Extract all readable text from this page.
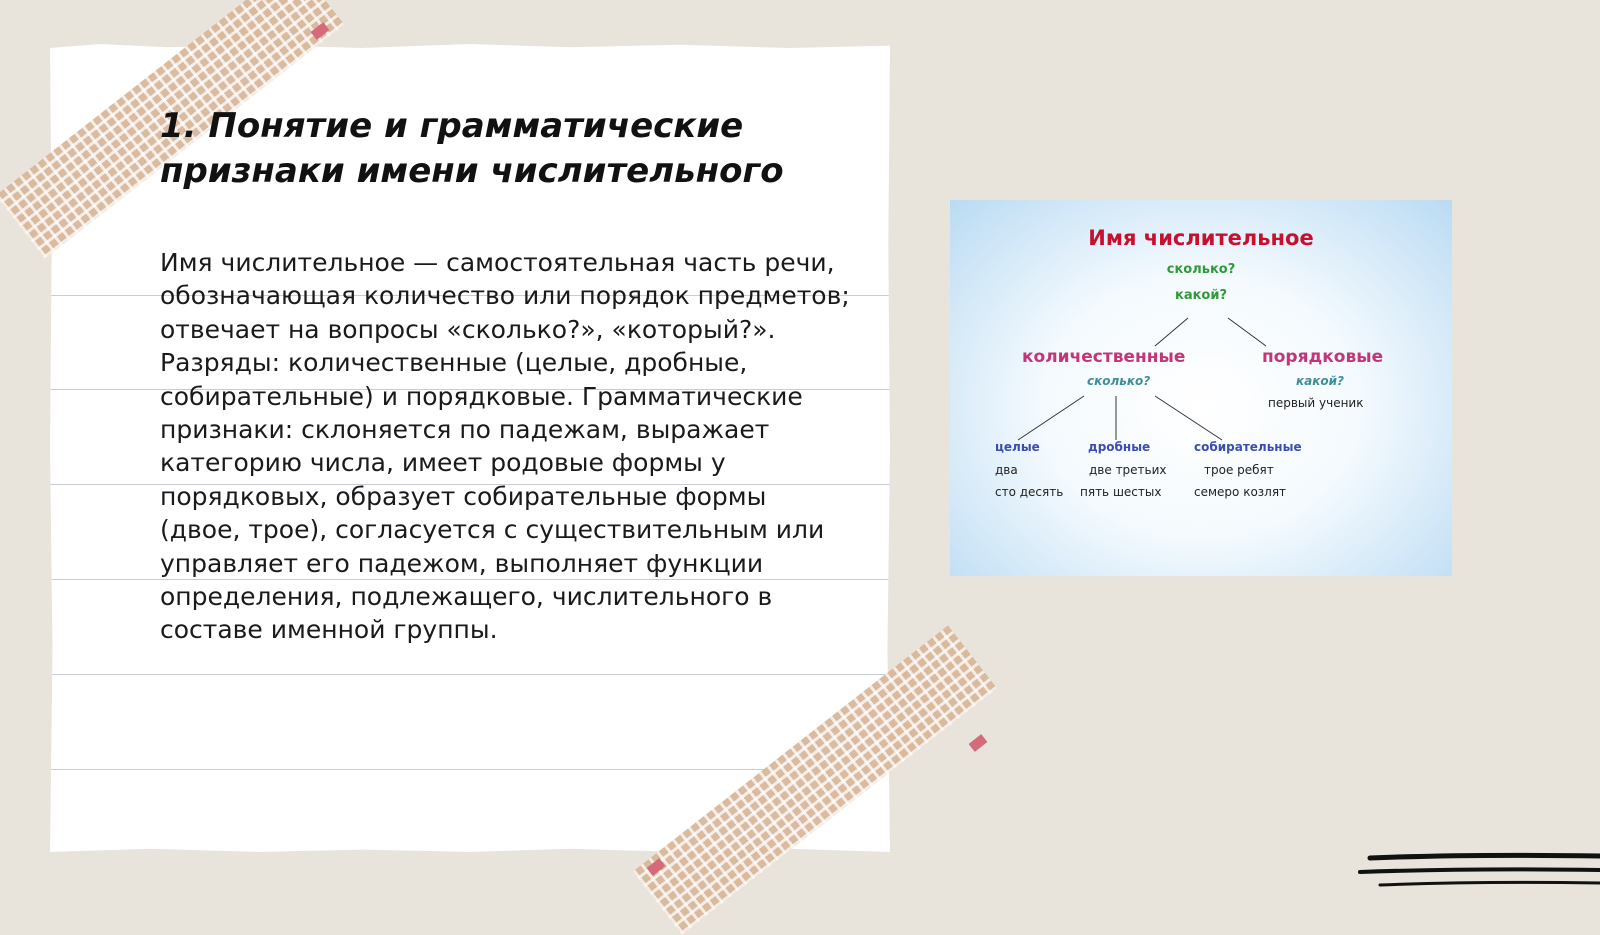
1. Понятие и грамматические признаки имени числительного

Имя числительное — самостоятельная часть речи, обозначающая количество или порядок предметов; отвечает на вопросы «сколько?», «который?». Разряды: количественные (целые, дробные, собирательные) и порядковые. Грамматические признаки: склоняется по падежам, выражает категорию числа, имеет родовые формы у порядковых, образует собирательные формы (двое, трое), согласуется с существительным или управляет его падежом, выполняет функции определения, подлежащего, числительного в составе именной группы.

Имя числительное
сколько?
какой?
количественные
сколько?
порядковые
какой?
первый ученик
целые	дробные	собирательные
два
сто десять
две третьих
пять шестых
трое ребят
семеро козлят
